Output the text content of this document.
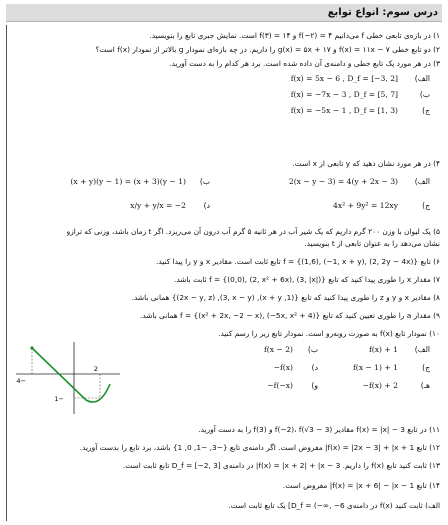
درس سوم: انواع توابع
۱) در بازه‌ی تابعی خطی f می‌دانیم f(−۲) = ۴ و f(۳) = ۱۴ است. نمایش جبری تابع را بنویسید.
۲) دو تابع خطی f(x) = ۱۱x − ۷ و g(x) = ۵x + ۱۷ را داریم. در چه بازه‌ای نمودار g بالاتر از نمودار f(x) است؟
۳) در هر مورد یک تابع خطی و دامنه‌ی آن داده شده است. برد هر کدام را به دست آورید.
الف)
f(x) = 5x − 6 , D_f = [−3, 2]
ب)
f(x) = −7x − 3 , D_f = [5, 7]
ج)
f(x) = −5x − 1 , D_f = [1, 3)
۴) در هر مورد نشان دهید که y تابعی از x است.
الف)
2(x − y − 3) = 4(y + 2x − 3)
ب)
(x + y)(y − 1) = (x + 3)(y − 1)
ج)
4x² + 9y² = 12xy
د)
x/y + y/x = −2
۵) یک لیوان با وزن ۲۰۰ گرم داریم که یک شیر آب در هر ثانیه ۵ گرم آب درون آن می‌ریزد. اگر t زمان باشد، وزنی که ترازو
نشان می‌دهد را به عنوان تابعی از t بنویسید.
۶) تابع f = {(1,6), (−1, x + y), (2, 2y − 4x)} تابع ثابت است. مقادیر x و y را پیدا کنید.
۷) مقدار x را طوری پیدا کنید که تابع f = {(0,0), (2, x² + 6x), (3, |x|)} ثابت باشد.
۸) مقادیر x و y و z را طوری پیدا کنید که تابع {(1, x + y), (3, x − y), (2x − y, z)} همانی باشد.
۹) مقدار a را طوری تعیین کنید که تابع f = {(x² + 2x, −2 − x), (−5x, x² + 4)} همانی باشد.
۱۰) نمودار تابع f(x) به صورت روبه‌رو است. نمودار تابع زیر را رسم کنید.
الف)
f(x) + 1
ب)
f(x − 2)
ج)
f(x − 1) + 1
د)
−f(x)
هـ)
−f(x) + 2
و)
−f(−x)
−4
2
−1
۱۱) در تابع f(x) = |x| − 3 مقادیر f(−2)، f(√3 − 3) و f(3) را به دست آورید.
۱۲) تابع f(x) = |2x − 3| + |x + 1| مفروض است. اگر دامنه‌ی تابع {−3, −1, 0, 1} باشد، برد تابع را بدست آورید.
۱۳) ثابت کنید تابع f(x) را داریم. f(x) = |x + 2| + |x − 3| در دامنه‌ی D_f = [−2, 3] تابع ثابت است.
۱۴) تابع f(x) = |x + 6| − |x − 1| مفروض است.
الف) ثابت کنید f(x) در دامنه‌ی D_f = (−∞, −6] یک تابع ثابت است.
